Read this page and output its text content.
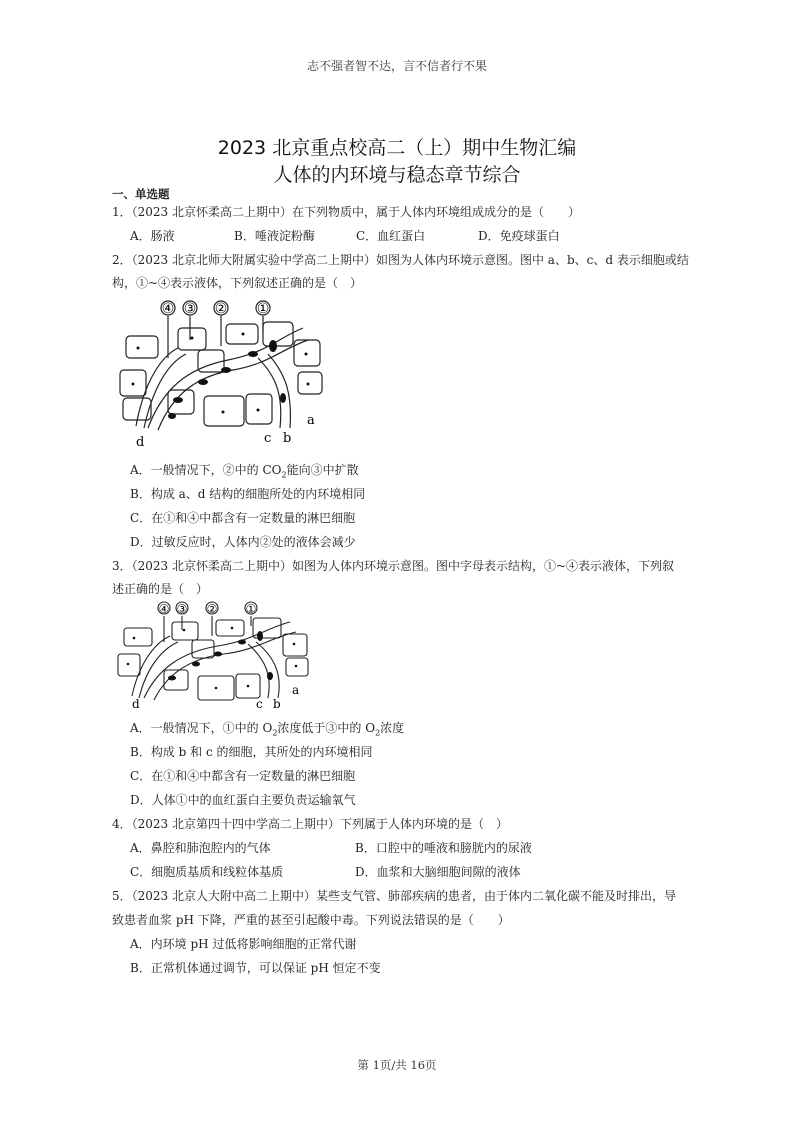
志不强者智不达，言不信者行不果
2023 北京重点校高二（上）期中生物汇编
人体的内环境与稳态章节综合
一、单选题
1．（2023 北京怀柔高二上期中）在下列物质中，属于人体内环境组成成分的是（　　）
A．肠液	B．唾液淀粉酶	C．血红蛋白	D．免疫球蛋白
2．（2023 北京北师大附属实验中学高二上期中）如图为人体内环境示意图。图中 a、b、c、d 表示细胞或结
构，①~④表示液体，下列叙述正确的是（　）
④ ③ ② ①
a
b
c
d
A．一般情况下，②中的 $CO_2$能向③中扩散
B．构成 a、d 结构的细胞所处的内环境相同
C．在①和④中都含有一定数量的淋巴细胞
D．过敏反应时，人体内②处的液体会减少
3．（2023 北京怀柔高二上期中）如图为人体内环境示意图。图中字母表示结构，①~④表示液体，下列叙
述正确的是（　）
④ ③ ② ①
a
b
c
d
A．一般情况下，①中的 $O_2$浓度低于③中的 $O_2$浓度
B．构成 b 和 c 的细胞，其所处的内环境相同
C．在①和④中都含有一定数量的淋巴细胞
D．人体①中的血红蛋白主要负责运输氧气
4．（2023 北京第四十四中学高二上期中）下列属于人体内环境的是（　）
A．鼻腔和肺泡腔内的气体	B．口腔中的唾液和膀胱内的尿液
C．细胞质基质和线粒体基质	D．血浆和大脑细胞间隙的液体
5．（2023 北京人大附中高二上期中）某些支气管、肺部疾病的患者，由于体内二氧化碳不能及时排出，导
致患者血浆 pH 下降，严重的甚至引起酸中毒。下列说法错误的是（　　）
A．内环境 pH 过低将影响细胞的正常代谢
B．正常机体通过调节，可以保证 pH 恒定不变
第 1页/共 16页
